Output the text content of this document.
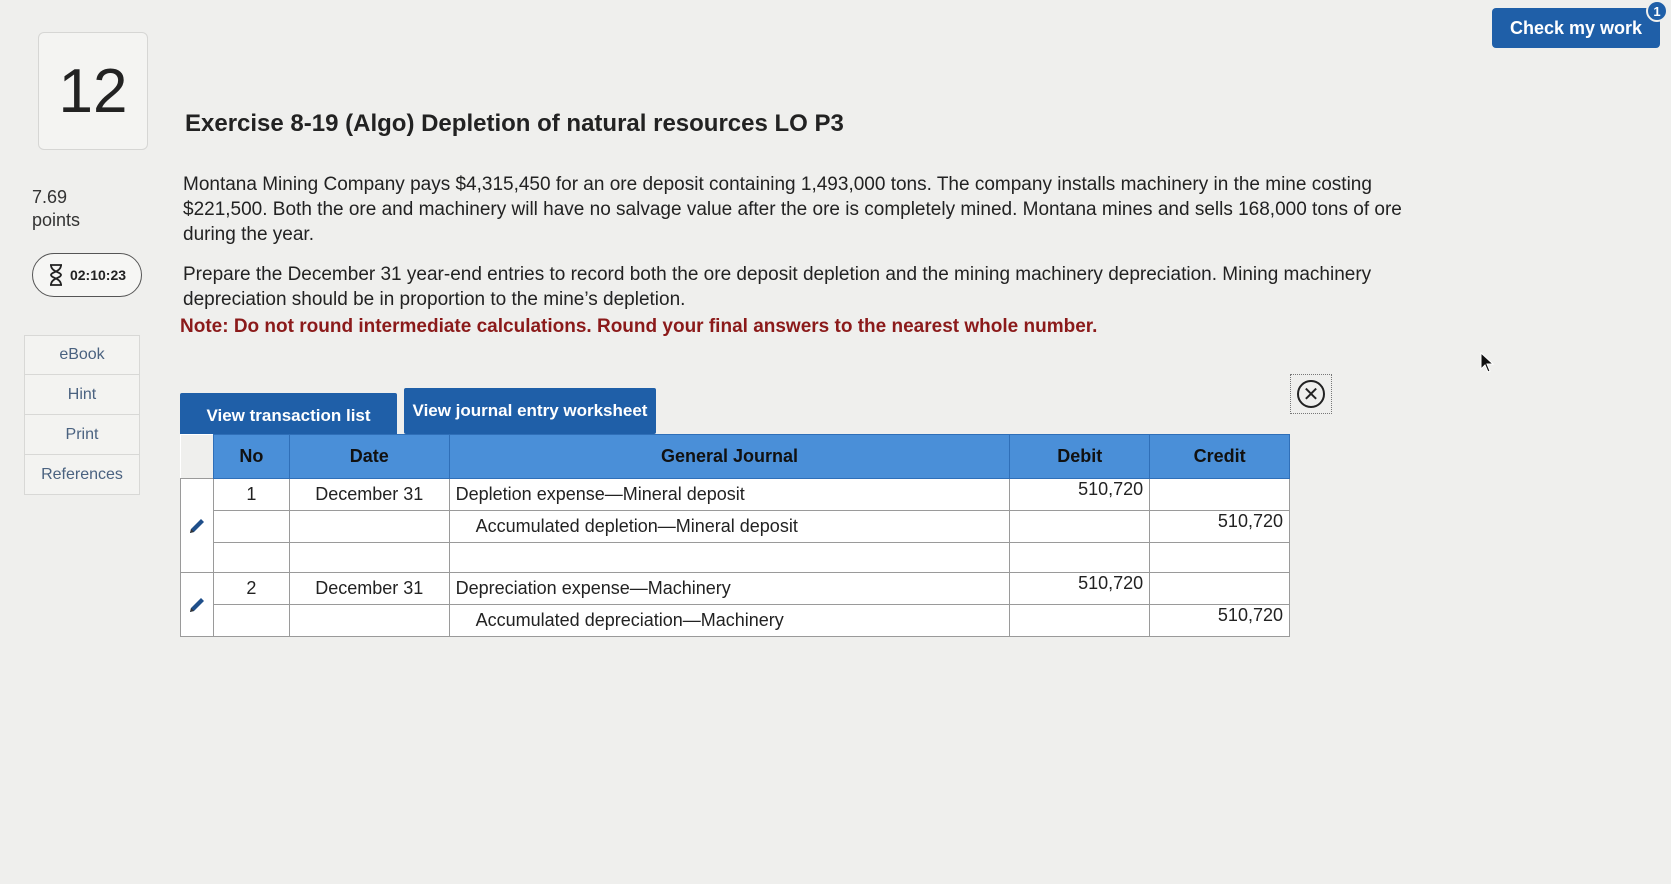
12
7.69
points
02:10:23
eBook
Hint
Print
References
Check my work
1
Exercise 8-19 (Algo) Depletion of natural resources LO P3
Montana Mining Company pays $4,315,450 for an ore deposit containing 1,493,000 tons. The company installs machinery in the mine costing $221,500. Both the ore and machinery will have no salvage value after the ore is completely mined. Montana mines and sells 168,000 tons of ore during the year.
Prepare the December 31 year-end entries to record both the ore deposit depletion and the mining machinery depreciation. Mining machinery depreciation should be in proportion to the mine’s depletion.
Note: Do not round intermediate calculations. Round your final answers to the nearest whole number.
View transaction list	View journal entry worksheet
✕
	No	Date	General Journal	Debit	Credit
	1	December 31	Depletion expense—Mineral deposit	510,720	
			Accumulated depletion—Mineral deposit		510,720

	2	December 31	Depreciation expense—Machinery	510,720	
			Accumulated depreciation—Machinery		510,720
